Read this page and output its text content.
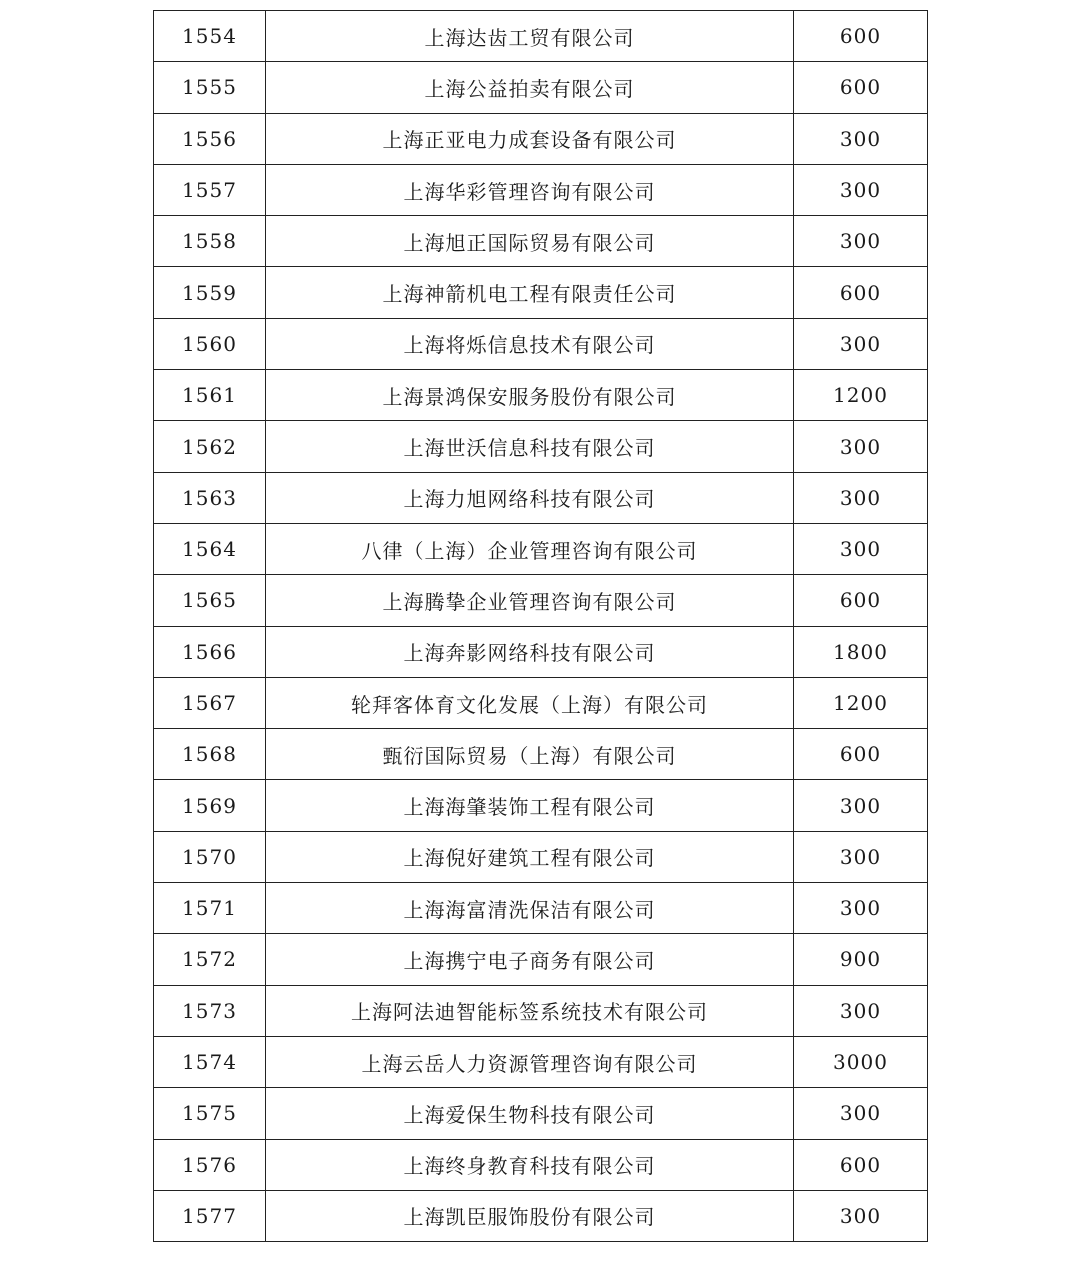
1554	上海达齿工贸有限公司	600
1555	上海公益拍卖有限公司	600
1556	上海正亚电力成套设备有限公司	300
1557	上海华彩管理咨询有限公司	300
1558	上海旭正国际贸易有限公司	300
1559	上海神箭机电工程有限责任公司	600
1560	上海将烁信息技术有限公司	300
1561	上海景鸿保安服务股份有限公司	1200
1562	上海世沃信息科技有限公司	300
1563	上海力旭网络科技有限公司	300
1564	八律（上海）企业管理咨询有限公司	300
1565	上海腾挚企业管理咨询有限公司	600
1566	上海奔影网络科技有限公司	1800
1567	轮拜客体育文化发展（上海）有限公司	1200
1568	甄衍国际贸易（上海）有限公司	600
1569	上海海肇装饰工程有限公司	300
1570	上海倪好建筑工程有限公司	300
1571	上海海富清洗保洁有限公司	300
1572	上海携宁电子商务有限公司	900
1573	上海阿法迪智能标签系统技术有限公司	300
1574	上海云岳人力资源管理咨询有限公司	3000
1575	上海爱保生物科技有限公司	300
1576	上海终身教育科技有限公司	600
1577	上海凯臣服饰股份有限公司	300
